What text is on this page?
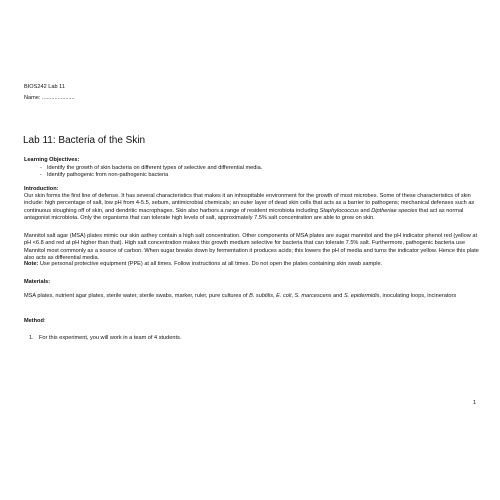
BIOS242 Lab 11
Name: .....................
Lab 11: Bacteria of the Skin
Learning Objectives:
- Identify the growth of skin bacteria on different types of selective and differential media.
- Identify pathogenic from non-pathogenic bacteria
Introduction:

Our skin forms the first line of defense. It has several characteristics that makes it an inhospitable environment for the growth of most microbes. Some of these characteristics of skin include: high percentage of salt, low pH from 4-5.5, sebum, antimicrobial chemicals; an outer layer of dead skin cells that acts as a barrier to pathogens; mechanical defenses such as continuous sloughing off of skin, and dendritic macrophages. Skin also harbors a range of resident microbiota including Staphylococcus and Diptheriae species that act as normal antagonist microbiota. Only the organisms that can tolerate high levels of salt, approximately 7.5% salt concentration are able to grow on skin.

Mannitol salt agar (MSA) plates mimic our skin asthey contain a high salt concentration. Other components of MSA plates are sugar mannitol and the pH indicator phenol red (yellow at pH <6.8 and red at pH higher than that). High salt concentration makes this growth medium selective for bacteria that can tolerate 7.5% salt. Furthermore, pathogenic bacteria use Mannitol most commonly as a source of carbon. When sugar breaks down by fermentation it produces acids; this lowers the pH of media and turns the indicator yellow. Hence this plate also acts as differential media.

Note: Use personal protective equipment (PPE) at all times. Follow instructions at all times. Do not open the plates containing skin swab sample.

Materials:

MSA plates, nutrient agar plates, sterile water, sterile swabs, marker, ruler, pure cultures of B. subtilis, E. coli, S. marcescens and S. epidermidis, inoculating loops, incinerators

Method:
1. For this experiment, you will work in a team of 4 students.
1
